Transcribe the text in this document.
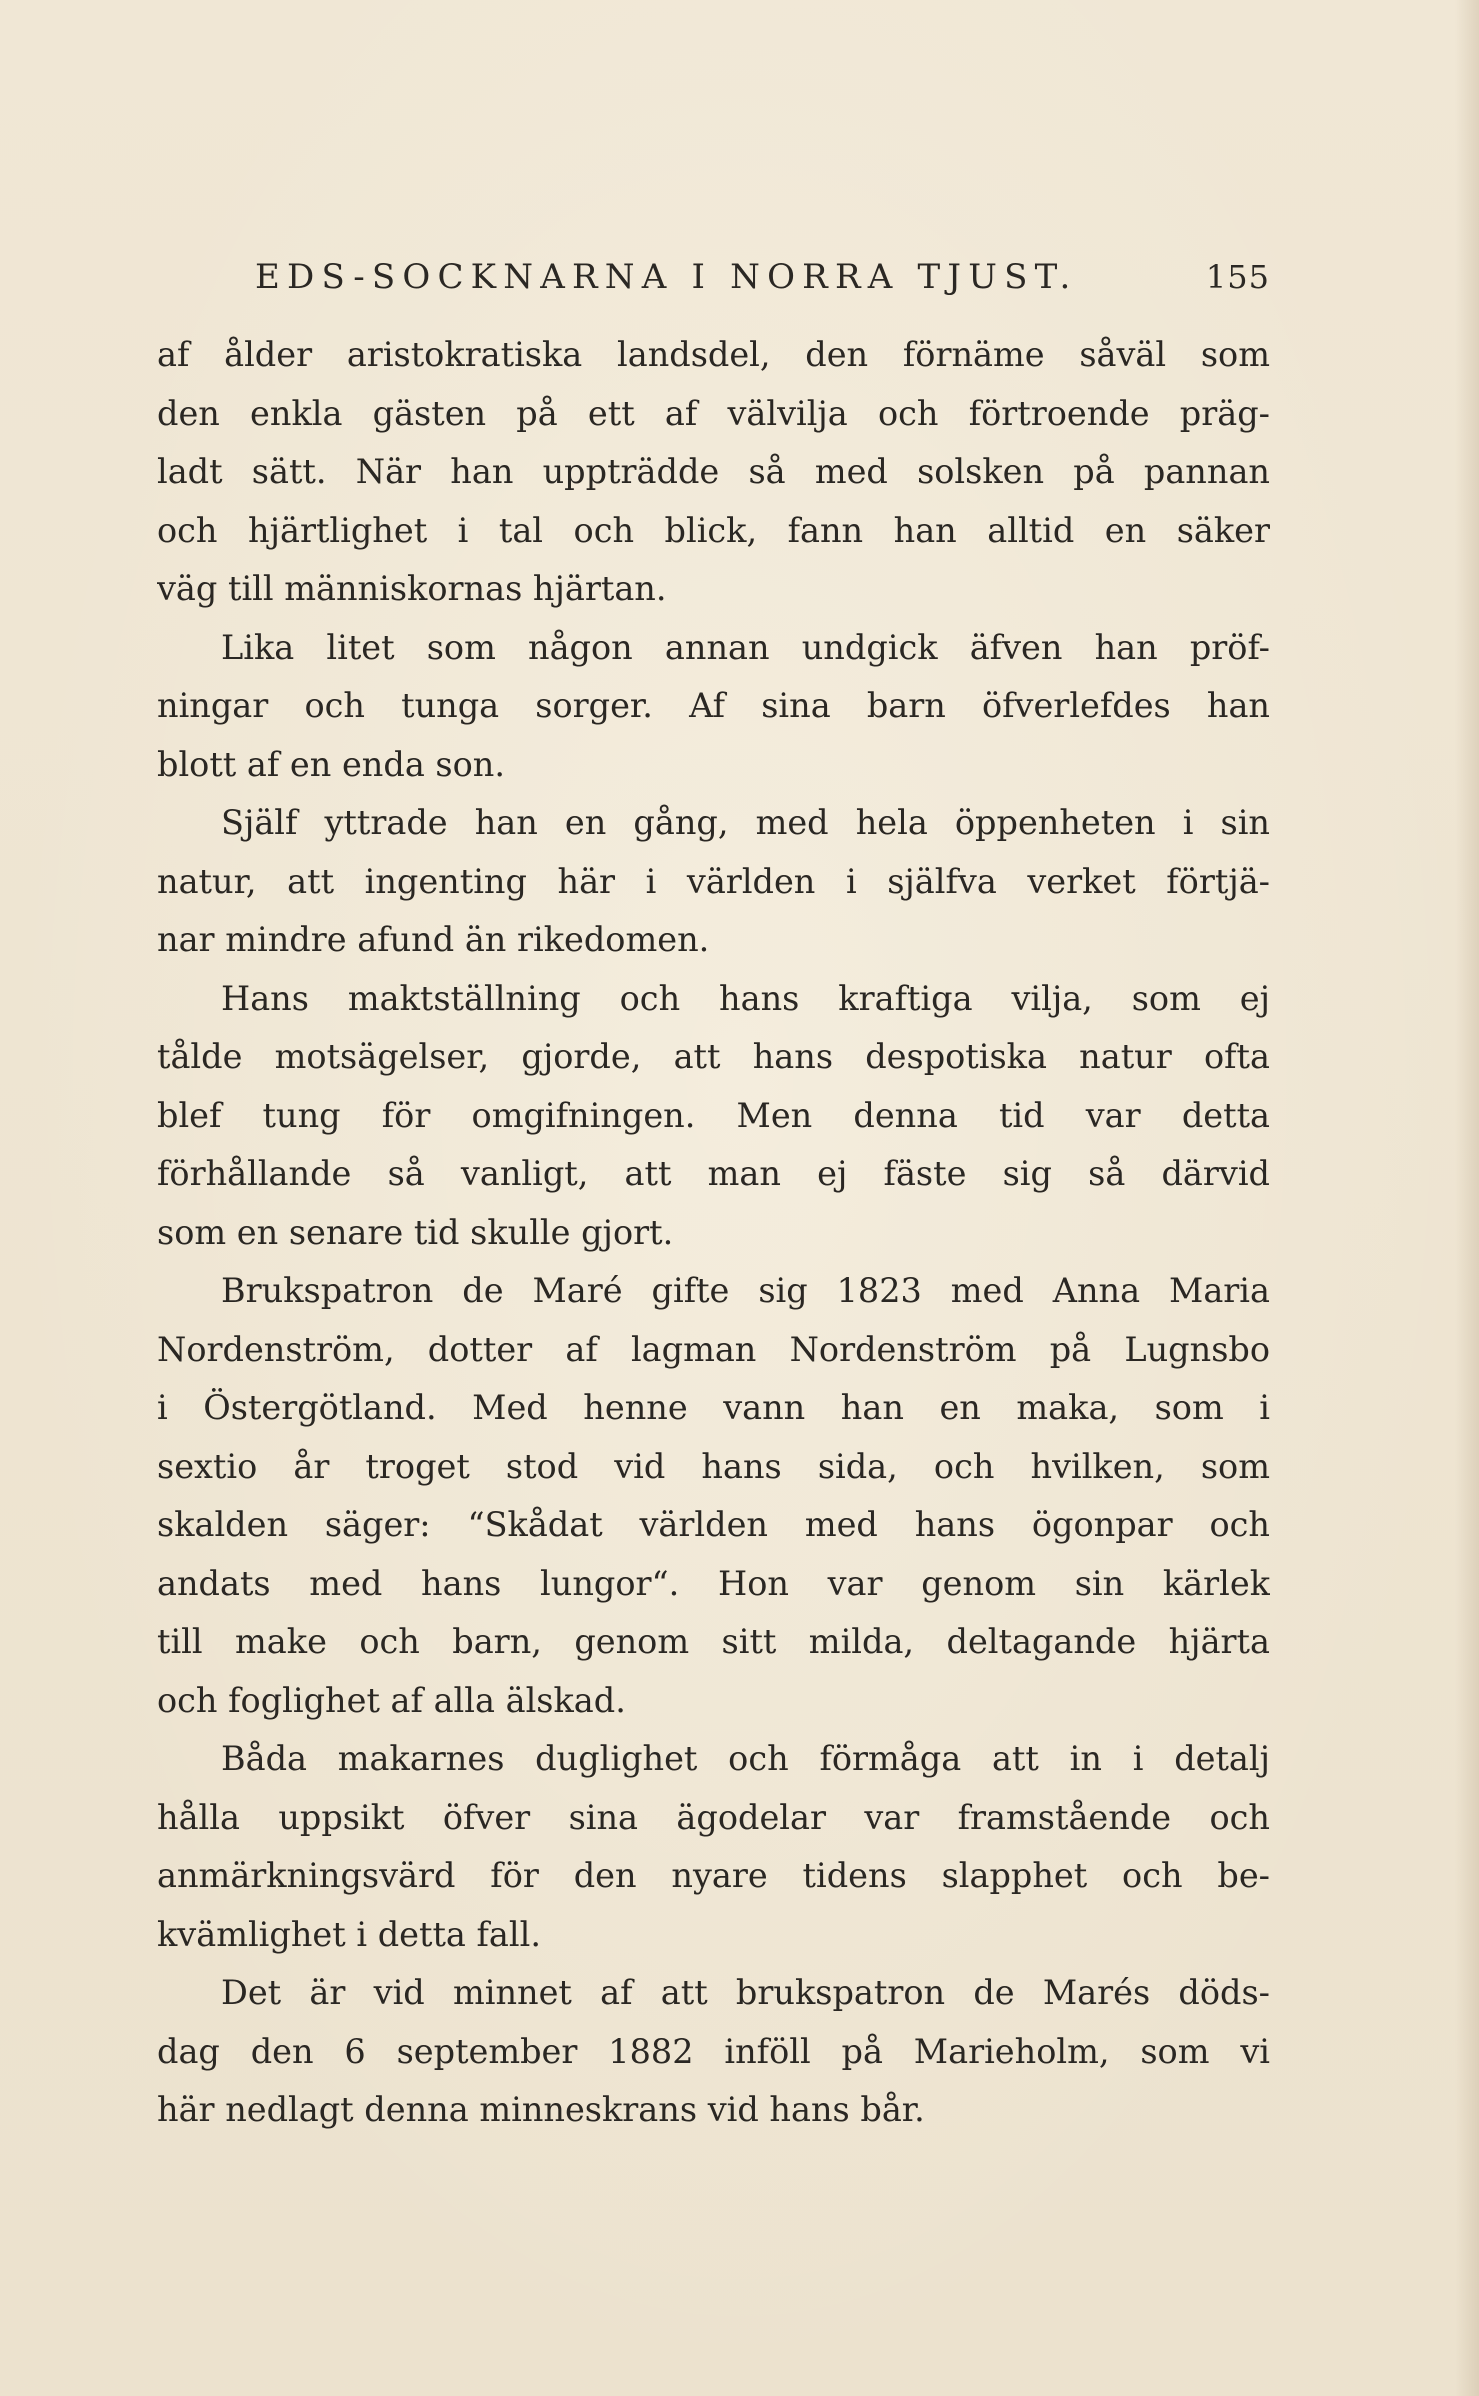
EDS-SOCKNARNA I NORRA TJUST.	155
af ålder aristokratiska landsdel, den förnäme såväl som
den enkla gästen på ett af välvilja och förtroende präg-
ladt sätt. När han uppträdde så med solsken på pannan
och hjärtlighet i tal och blick, fann han alltid en säker
väg till människornas hjärtan.
Lika litet som någon annan undgick äfven han pröf-
ningar och tunga sorger. Af sina barn öfverlefdes han
blott af en enda son.
Själf yttrade han en gång, med hela öppenheten i sin
natur, att ingenting här i världen i själfva verket förtjä-
nar mindre afund än rikedomen.
Hans maktställning och hans kraftiga vilja, som ej
tålde motsägelser, gjorde, att hans despotiska natur ofta
blef tung för omgifningen. Men denna tid var detta
förhållande så vanligt, att man ej fäste sig så därvid
som en senare tid skulle gjort.
Brukspatron de Maré gifte sig 1823 med Anna Maria
Nordenström, dotter af lagman Nordenström på Lugnsbo
i Östergötland. Med henne vann han en maka, som i
sextio år troget stod vid hans sida, och hvilken, som
skalden säger: “Skådat världen med hans ögonpar och
andats med hans lungor“. Hon var genom sin kärlek
till make och barn, genom sitt milda, deltagande hjärta
och foglighet af alla älskad.
Båda makarnes duglighet och förmåga att in i detalj
hålla uppsikt öfver sina ägodelar var framstående och
anmärkningsvärd för den nyare tidens slapphet och be-
kvämlighet i detta fall.
Det är vid minnet af att brukspatron de Marés döds-
dag den 6 september 1882 inföll på Marieholm, som vi
här nedlagt denna minneskrans vid hans bår.
